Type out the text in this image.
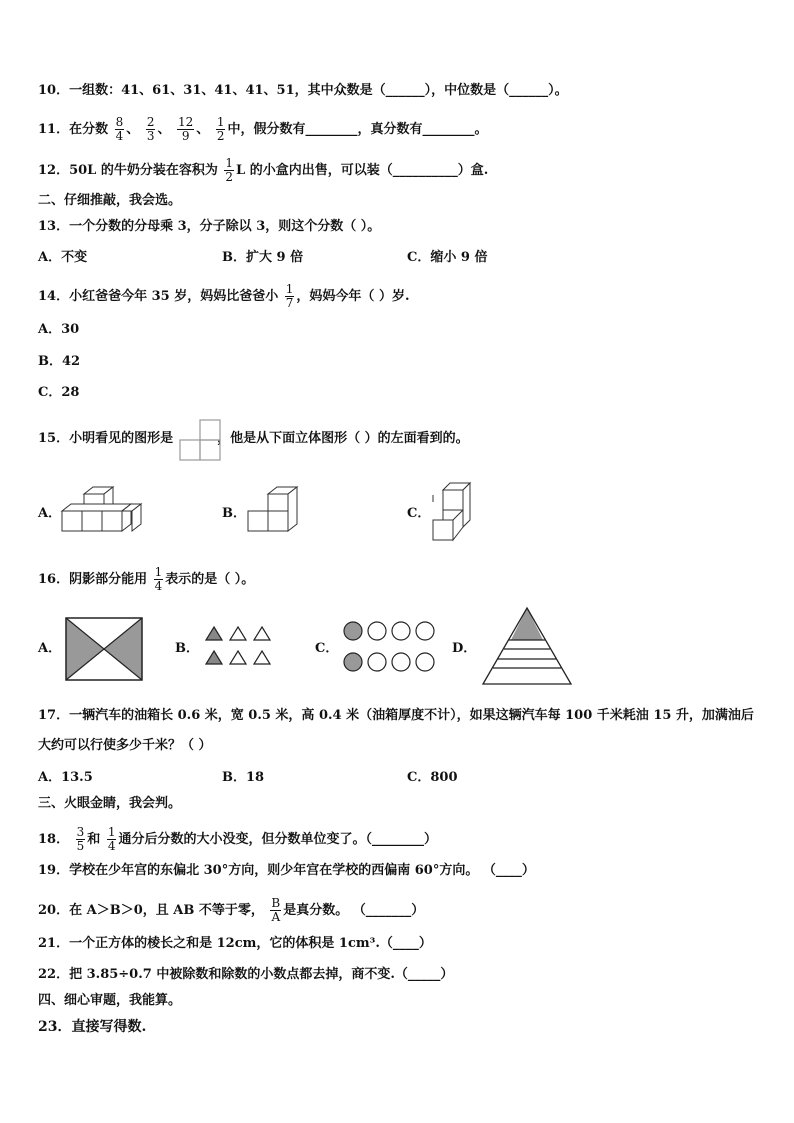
10．一组数：41、61、31、41、41、51，其中众数是（______），中位数是（______）。
11．在分数 $\frac{8}{4}$ 、 $\frac{2}{3}$ 、 $\frac{12}{9}$ 、 $\frac{1}{2}$ 中，假分数有________，真分数有________。
12．50L 的牛奶分装在容积为 $\frac{1}{2}$ L 的小盒内出售，可以装（__________）盒.
二、仔细推敲，我会选。
13．一个分数的分母乘 3，分子除以 3，则这个分数（ ）。
A．不变	B．扩大 9 倍	C．缩小 9 倍
14．小红爸爸今年 35 岁，妈妈比爸爸小 $\frac{1}{7}$ ，妈妈今年（ ）岁.
A．30
B．42
C．28
15．小明看见的图形是	，他是从下面立体图形（ ）的左面看到的。
A．	B．	C．
16．阴影部分能用 $\frac{1}{4}$ 表示的是（ ）。
A．	B．	C．	D．
17．一辆汽车的油箱长 0.6 米，宽 0.5 米，高 0.4 米（油箱厚度不计），如果这辆汽车每 100 千米耗油 15 升，加满油后
大约可以行使多少千米？（ ）
A．13.5	B．18	C．800
三、火眼金睛，我会判。
18． $\frac{3}{5}$ 和 $\frac{1}{4}$ 通分后分数的大小没变，但分数单位变了。（________）
19．学校在少年宫的东偏北 30°方向，则少年宫在学校的西偏南 60°方向。 （____）
20．在 A＞B＞0，且 AB 不等于零， $\frac{B}{A}$ 是真分数。 （_______）
21．一个正方体的棱长之和是 12cm，它的体积是 1cm³.（____）
22．把 3.85÷0.7 中被除数和除数的小数点都去掉，商不变.（_____）
四、细心审题，我能算。
23．直接写得数.
